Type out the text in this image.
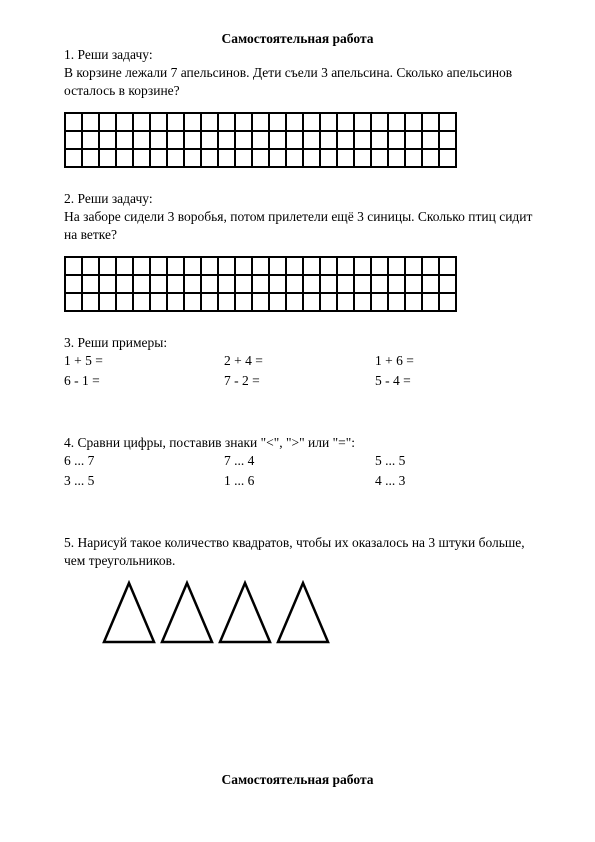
Самостоятельная работа
1. Реши задачу:
В корзине лежали 7 апельсинов. Дети съели 3 апельсина. Сколько апельсинов
осталось в корзине?

2. Реши задачу:
На заборе сидели 3 воробья, потом прилетели ещё 3 синицы. Сколько птиц сидит
на ветке?

3. Реши примеры:
1 + 5 =	2 + 4 =	1 + 6 =
6 - 1 =	7 - 2 =	5 - 4 =
4. Сравни цифры, поставив знаки "<", ">" или "=":
6 ... 7	7 ... 4	5 ... 5
3 ... 5	1 ... 6	4 ... 3
5. Нарисуй такое количество квадратов, чтобы их оказалось на 3 штуки больше,
чем треугольников.
Самостоятельная работа
